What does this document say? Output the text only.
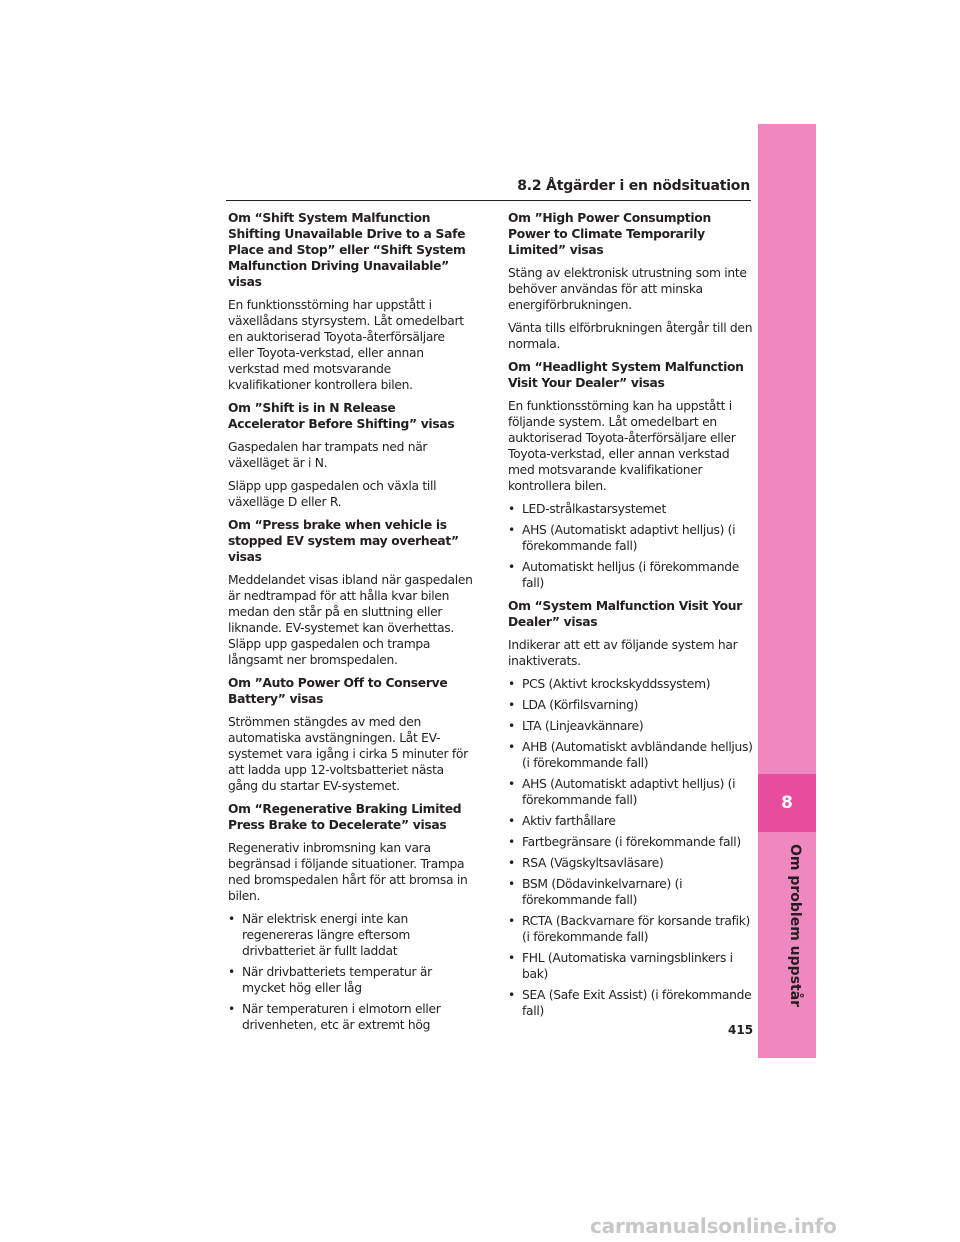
8.2 Åtgärder i en nödsituation
Om “Shift System Malfunction Shifting Unavailable Drive to a Safe Place and Stop” eller “Shift System Malfunction Driving Unavailable” visas

En funktionsstörning har uppstått i växellådans styrsystem. Låt omedelbart en auktoriserad Toyota-återförsäljare eller Toyota-verkstad, eller annan verkstad med motsvarande kvalifikationer kontrollera bilen.

Om ”Shift is in N Release Accelerator Before Shifting” visas

Gaspedalen har trampats ned när växelläget är i N.

Släpp upp gaspedalen och växla till växelläge D eller R.

Om “Press brake when vehicle is stopped EV system may overheat” visas

Meddelandet visas ibland när gaspedalen är nedtrampad för att hålla kvar bilen medan den står på en sluttning eller liknande. EV-systemet kan överhettas. Släpp upp gaspedalen och trampa långsamt ner bromspedalen.

Om ”Auto Power Off to Conserve Battery” visas

Strömmen stängdes av med den automatiska avstängningen. Låt EV-systemet vara igång i cirka 5 minuter för att ladda upp 12-voltsbatteriet nästa gång du startar EV-systemet.

Om “Regenerative Braking Limited Press Brake to Decelerate” visas

Regenerativ inbromsning kan vara begränsad i följande situationer. Trampa ned bromspedalen hårt för att bromsa in bilen.

• När elektrisk energi inte kan regenereras längre eftersom drivbatteriet är fullt laddat
• När drivbatteriets temperatur är mycket hög eller låg
• När temperaturen i elmotorn eller drivenheten, etc är extremt hög
Om ”High Power Consumption Power to Climate Temporarily Limited” visas

Stäng av elektronisk utrustning som inte behöver användas för att minska energiförbrukningen.

Vänta tills elförbrukningen återgår till den normala.

Om “Headlight System Malfunction Visit Your Dealer” visas

En funktionsstörning kan ha uppstått i följande system. Låt omedelbart en auktoriserad Toyota-återförsäljare eller Toyota-verkstad, eller annan verkstad med motsvarande kvalifikationer kontrollera bilen.

• LED-strålkastarsystemet
• AHS (Automatiskt adaptivt helljus) (i förekommande fall)
• Automatiskt helljus (i förekommande fall)
Om “System Malfunction Visit Your Dealer” visas

Indikerar att ett av följande system har inaktiverats.

• PCS (Aktivt krockskyddssystem)
• LDA (Körfilsvarning)
• LTA (Linjeavkännare)
• AHB (Automatiskt avbländande helljus) (i förekommande fall)
• AHS (Automatiskt adaptivt helljus) (i förekommande fall)
• Aktiv farthållare
• Fartbegränsare (i förekommande fall)
• RSA (Vägskyltsavläsare)
• BSM (Dödavinkelvarnare) (i förekommande fall)
• RCTA (Backvarnare för korsande trafik) (i förekommande fall)
• FHL (Automatiska varningsblinkers i bak)
• SEA (Safe Exit Assist) (i förekommande fall)
8
Om problem uppstår
415
carmanualsonline.info
